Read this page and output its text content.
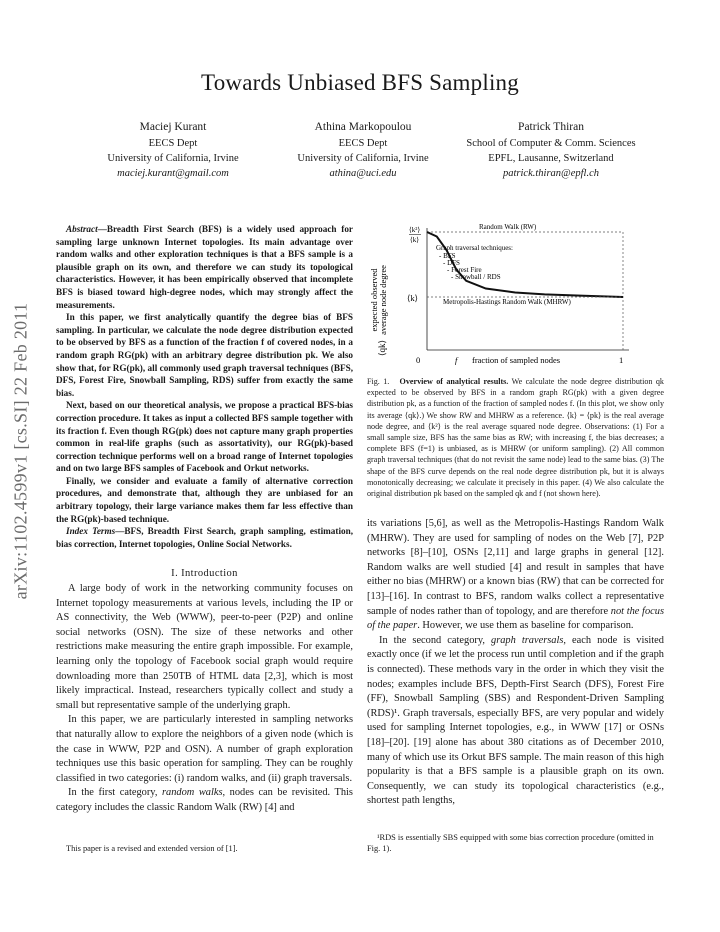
Towards Unbiased BFS Sampling
Maciej Kurant
EECS Dept
University of California, Irvine
maciej.kurant@gmail.com
Athina Markopoulou
EECS Dept
University of California, Irvine
athina@uci.edu
Patrick Thiran
School of Computer & Comm. Sciences
EPFL, Lausanne, Switzerland
patrick.thiran@epfl.ch
arXiv:1102.4599v1 [cs.SI] 22 Feb 2011

Abstract—Breadth First Search (BFS) is a widely used approach for sampling large unknown Internet topologies. Its main advantage over random walks and other exploration techniques is that a BFS sample is a plausible graph on its own, and therefore we can study its topological characteristics. However, it has been empirically observed that incomplete BFS is biased toward high-degree nodes, which may strongly affect the measurements.

In this paper, we first analytically quantify the degree bias of BFS sampling. In particular, we calculate the node degree distribution expected to be observed by BFS as a function of the fraction f of covered nodes, in a random graph RG(pk) with an arbitrary degree distribution pk. We also show that, for RG(pk), all commonly used graph traversal techniques (BFS, DFS, Forest Fire, Snowball Sampling, RDS) suffer from exactly the same bias.

Next, based on our theoretical analysis, we propose a practical BFS-bias correction procedure. It takes as input a collected BFS sample together with its fraction f. Even though RG(pk) does not capture many graph properties common in real-life graphs (such as assortativity), our RG(pk)-based correction technique performs well on a broad range of Internet topologies and on two large BFS samples of Facebook and Orkut networks.

Finally, we consider and evaluate a family of alternative correction procedures, and demonstrate that, although they are unbiased for an arbitrary topology, their large variance makes them far less effective than the RG(pk)-based technique.

Index Terms—BFS, Breadth First Search, graph sampling, estimation, bias correction, Internet topologies, Online Social Networks.

I. Introduction

A large body of work in the networking community focuses on Internet topology measurements at various levels, including the IP or AS connectivity, the Web (WWW), peer-to-peer (P2P) and online social networks (OSN). The size of these networks and other restrictions make measuring the entire graph impossible. For example, learning only the topology of Facebook social graph would require downloading more than 250TB of HTML data [2,3], which is most likely impractical. Instead, researchers typically collect and study a small but representative sample of the underlying graph.

In this paper, we are particularly interested in sampling networks that naturally allow to explore the neighbors of a given node (which is the case in WWW, P2P and OSN). A number of graph exploration techniques use this basic operation for sampling. They can be roughly classified in two categories: (i) random walks, and (ii) graph traversals.

In the first category, random walks, nodes can be revisited. This category includes the classic Random Walk (RW) [4] and

This paper is a revised and extended version of [1].
expected observed average node degree
⟨qk⟩
⟨k²⟩
⟨k⟩
⟨k⟩
Random Walk (RW)
Metropolis-Hastings Random Walk (MHRW)
Graph traversal techniques:
- BFS
- DFS
- Forest Fire
- Snowball / RDS
0	1
f fraction of sampled nodes
Fig. 1. Overview of analytical results. We calculate the node degree distribution qk expected to be observed by BFS in a random graph RG(pk) with a given degree distribution pk, as a function of the fraction of sampled nodes f. (In this plot, we show only its average ⟨qk⟩.) We show RW and MHRW as a reference. ⟨k⟩ = ⟨pk⟩ is the real average node degree, and ⟨k²⟩ is the real average squared node degree. Observations: (1) For a small sample size, BFS has the same bias as RW; with increasing f, the bias decreases; a complete BFS (f=1) is unbiased, as is MHRW (or uniform sampling). (2) All common graph traversal techniques (that do not revisit the same node) lead to the same bias. (3) The shape of the BFS curve depends on the real node degree distribution pk, but it is always monotonically decreasing; we calculate it precisely in this paper. (4) We also calculate the original distribution pk based on the sampled qk and f (not shown here).

its variations [5,6], as well as the Metropolis-Hastings Random Walk (MHRW). They are used for sampling of nodes on the Web [7], P2P networks [8]–[10], OSNs [2,11] and large graphs in general [12]. Random walks are well studied [4] and result in samples that have either no bias (MHRW) or a known bias (RW) that can be corrected for [13]–[16]. In contrast to BFS, random walks collect a representative sample of nodes rather than of topology, and are therefore not the focus of the paper. However, we use them as baseline for comparison.

In the second category, graph traversals, each node is visited exactly once (if we let the process run until completion and if the graph is connected). These methods vary in the order in which they visit the nodes; examples include BFS, Depth-First Search (DFS), Forest Fire (FF), Snowball Sampling (SBS) and Respondent-Driven Sampling (RDS)¹. Graph traversals, especially BFS, are very popular and widely used for sampling Internet topologies, e.g., in WWW [17] or OSNs [18]–[20]. [19] alone has about 380 citations as of December 2010, many of which use its Orkut BFS sample. The main reason of this high popularity is that a BFS sample is a plausible graph on its own. Consequently, we can study its topological characteristics (e.g., shortest path lengths,

¹RDS is essentially SBS equipped with some bias correction procedure (omitted in Fig. 1).
